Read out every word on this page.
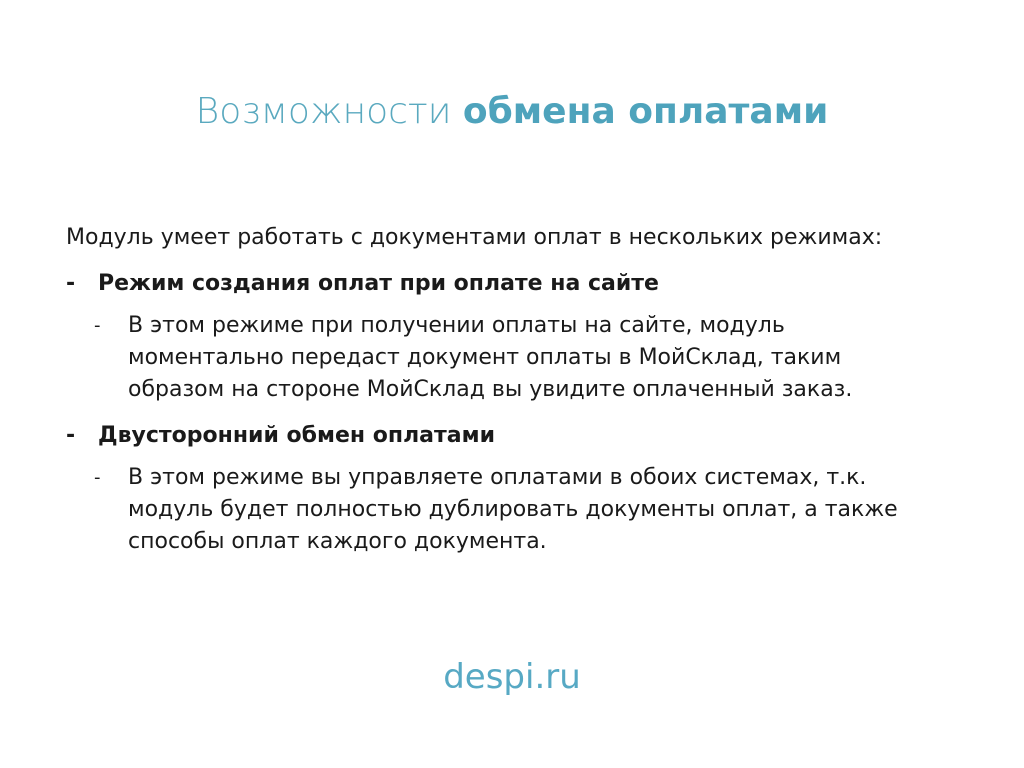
Возможности обмена оплатами
Модуль умеет работать с документами оплат в нескольких режимах:
-	Режим создания оплат при оплате на сайте
-	В этом режиме при получении оплаты на сайте, модуль моментально передаст документ оплаты в МойСклад, таким образом на стороне МойСклад вы увидите оплаченный заказ.
-	Двусторонний обмен оплатами
-	В этом режиме вы управляете оплатами в обоих системах, т.к. модуль будет полностью дублировать документы оплат, а также способы оплат каждого документа.
despi.ru
